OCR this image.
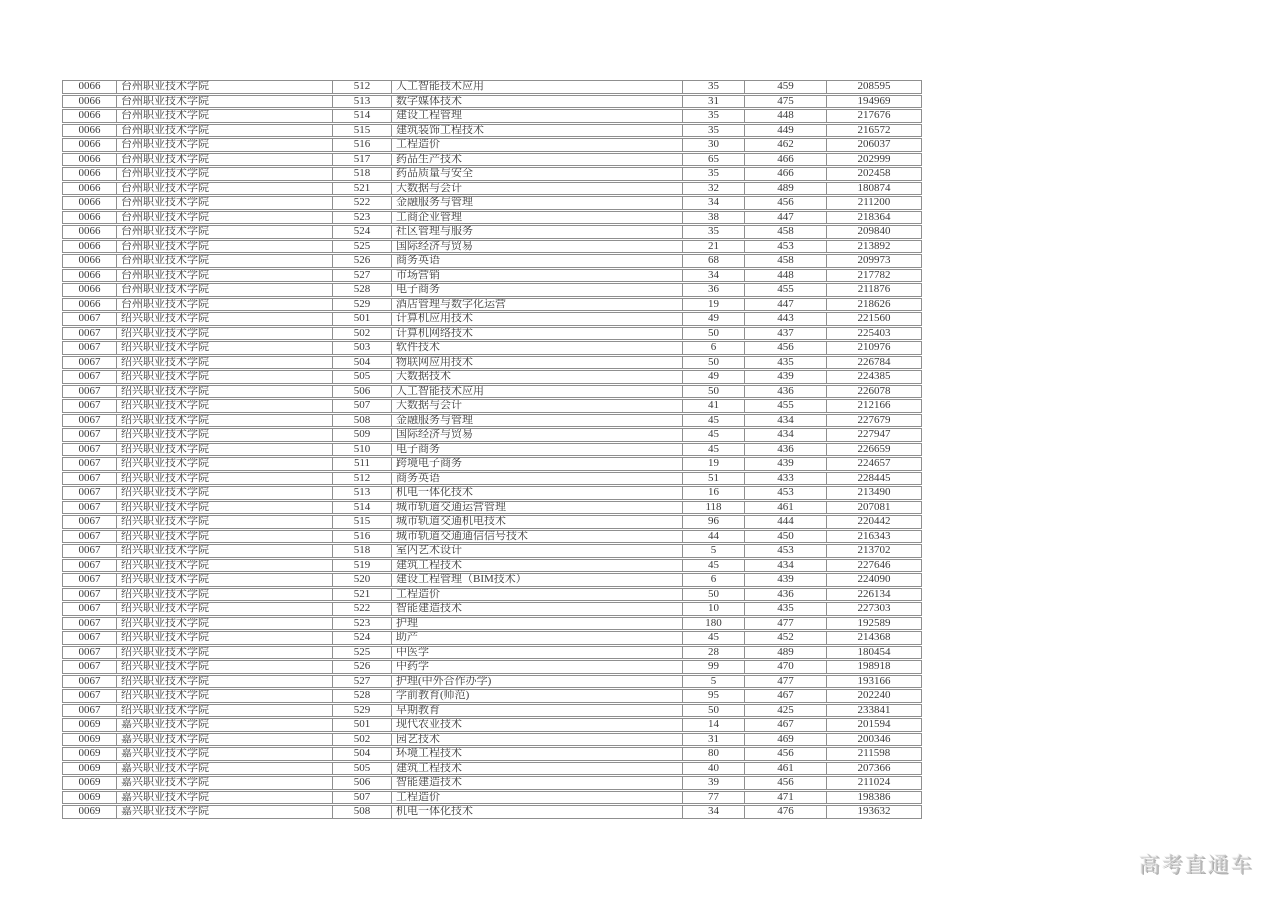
0066	台州职业技术学院	512	人工智能技术应用	35	459	208595
0066	台州职业技术学院	513	数字媒体技术	31	475	194969
0066	台州职业技术学院	514	建设工程管理	35	448	217676
0066	台州职业技术学院	515	建筑装饰工程技术	35	449	216572
0066	台州职业技术学院	516	工程造价	30	462	206037
0066	台州职业技术学院	517	药品生产技术	65	466	202999
0066	台州职业技术学院	518	药品质量与安全	35	466	202458
0066	台州职业技术学院	521	大数据与会计	32	489	180874
0066	台州职业技术学院	522	金融服务与管理	34	456	211200
0066	台州职业技术学院	523	工商企业管理	38	447	218364
0066	台州职业技术学院	524	社区管理与服务	35	458	209840
0066	台州职业技术学院	525	国际经济与贸易	21	453	213892
0066	台州职业技术学院	526	商务英语	68	458	209973
0066	台州职业技术学院	527	市场营销	34	448	217782
0066	台州职业技术学院	528	电子商务	36	455	211876
0066	台州职业技术学院	529	酒店管理与数字化运营	19	447	218626
0067	绍兴职业技术学院	501	计算机应用技术	49	443	221560
0067	绍兴职业技术学院	502	计算机网络技术	50	437	225403
0067	绍兴职业技术学院	503	软件技术	6	456	210976
0067	绍兴职业技术学院	504	物联网应用技术	50	435	226784
0067	绍兴职业技术学院	505	大数据技术	49	439	224385
0067	绍兴职业技术学院	506	人工智能技术应用	50	436	226078
0067	绍兴职业技术学院	507	大数据与会计	41	455	212166
0067	绍兴职业技术学院	508	金融服务与管理	45	434	227679
0067	绍兴职业技术学院	509	国际经济与贸易	45	434	227947
0067	绍兴职业技术学院	510	电子商务	45	436	226659
0067	绍兴职业技术学院	511	跨境电子商务	19	439	224657
0067	绍兴职业技术学院	512	商务英语	51	433	228445
0067	绍兴职业技术学院	513	机电一体化技术	16	453	213490
0067	绍兴职业技术学院	514	城市轨道交通运营管理	118	461	207081
0067	绍兴职业技术学院	515	城市轨道交通机电技术	96	444	220442
0067	绍兴职业技术学院	516	城市轨道交通通信信号技术	44	450	216343
0067	绍兴职业技术学院	518	室内艺术设计	5	453	213702
0067	绍兴职业技术学院	519	建筑工程技术	45	434	227646
0067	绍兴职业技术学院	520	建设工程管理（BIM技术）	6	439	224090
0067	绍兴职业技术学院	521	工程造价	50	436	226134
0067	绍兴职业技术学院	522	智能建造技术	10	435	227303
0067	绍兴职业技术学院	523	护理	180	477	192589
0067	绍兴职业技术学院	524	助产	45	452	214368
0067	绍兴职业技术学院	525	中医学	28	489	180454
0067	绍兴职业技术学院	526	中药学	99	470	198918
0067	绍兴职业技术学院	527	护理(中外合作办学)	5	477	193166
0067	绍兴职业技术学院	528	学前教育(师范)	95	467	202240
0067	绍兴职业技术学院	529	早期教育	50	425	233841
0069	嘉兴职业技术学院	501	现代农业技术	14	467	201594
0069	嘉兴职业技术学院	502	园艺技术	31	469	200346
0069	嘉兴职业技术学院	504	环境工程技术	80	456	211598
0069	嘉兴职业技术学院	505	建筑工程技术	40	461	207366
0069	嘉兴职业技术学院	506	智能建造技术	39	456	211024
0069	嘉兴职业技术学院	507	工程造价	77	471	198386
0069	嘉兴职业技术学院	508	机电一体化技术	34	476	193632
高考直通车
